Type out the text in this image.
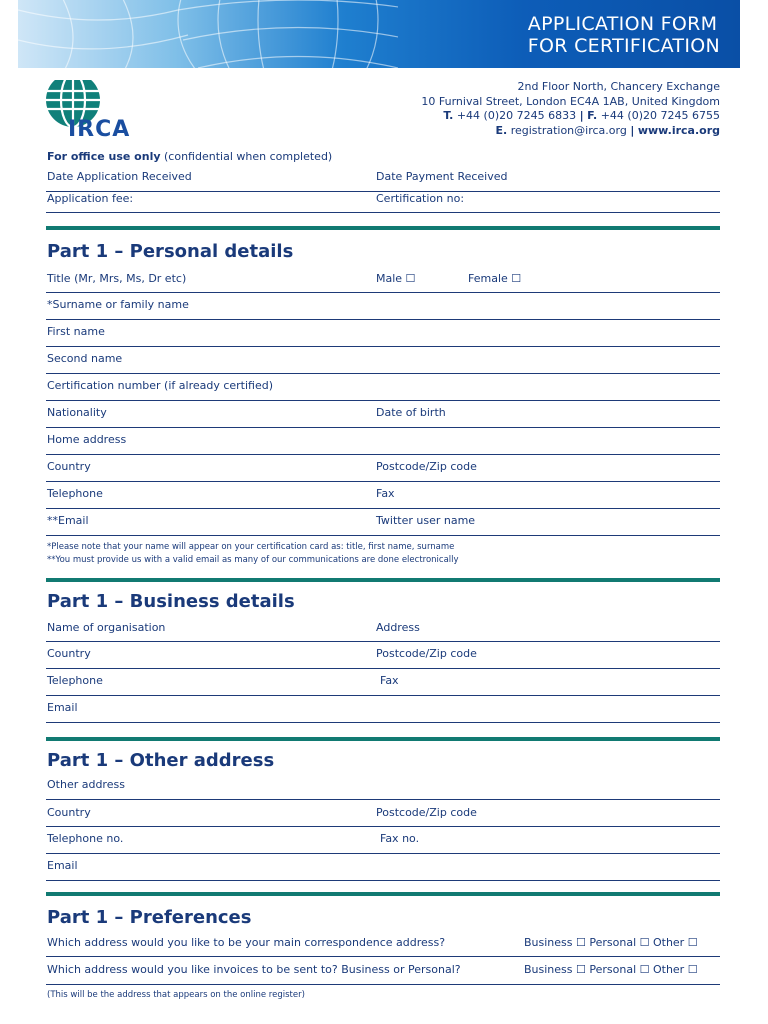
APPLICATION FORM
FOR CERTIFICATION
IRCA
2nd Floor North, Chancery Exchange
10 Furnival Street, London EC4A 1AB, United Kingdom
T. +44 (0)20 7245 6833 | F. +44 (0)20 7245 6755
E. registration@irca.org | www.irca.org
For office use only (confidential when completed)
Date Application Received	Date Payment Received
Application fee:	Certification no:
Part 1 – Personal details
Title (Mr, Mrs, Ms, Dr etc)	Male ☐	Female ☐
*Surname or family name
First name
Second name
Certification number (if already certified)
Nationality	Date of birth
Home address
Country	Postcode/Zip code
Telephone	Fax
**Email	Twitter user name
*Please note that your name will appear on your certification card as: title, first name, surname
**You must provide us with a valid email as many of our communications are done electronically
Part 1 – Business details
Name of organisation	Address
Country	Postcode/Zip code
Telephone	Fax
Email
Part 1 – Other address
Other address
Country	Postcode/Zip code
Telephone no.	Fax no.
Email
Part 1 – Preferences
Which address would you like to be your main correspondence address?	Business ☐ Personal ☐ Other ☐
Which address would you like invoices to be sent to? Business or Personal?	Business ☐ Personal ☐ Other ☐
(This will be the address that appears on the online register)
